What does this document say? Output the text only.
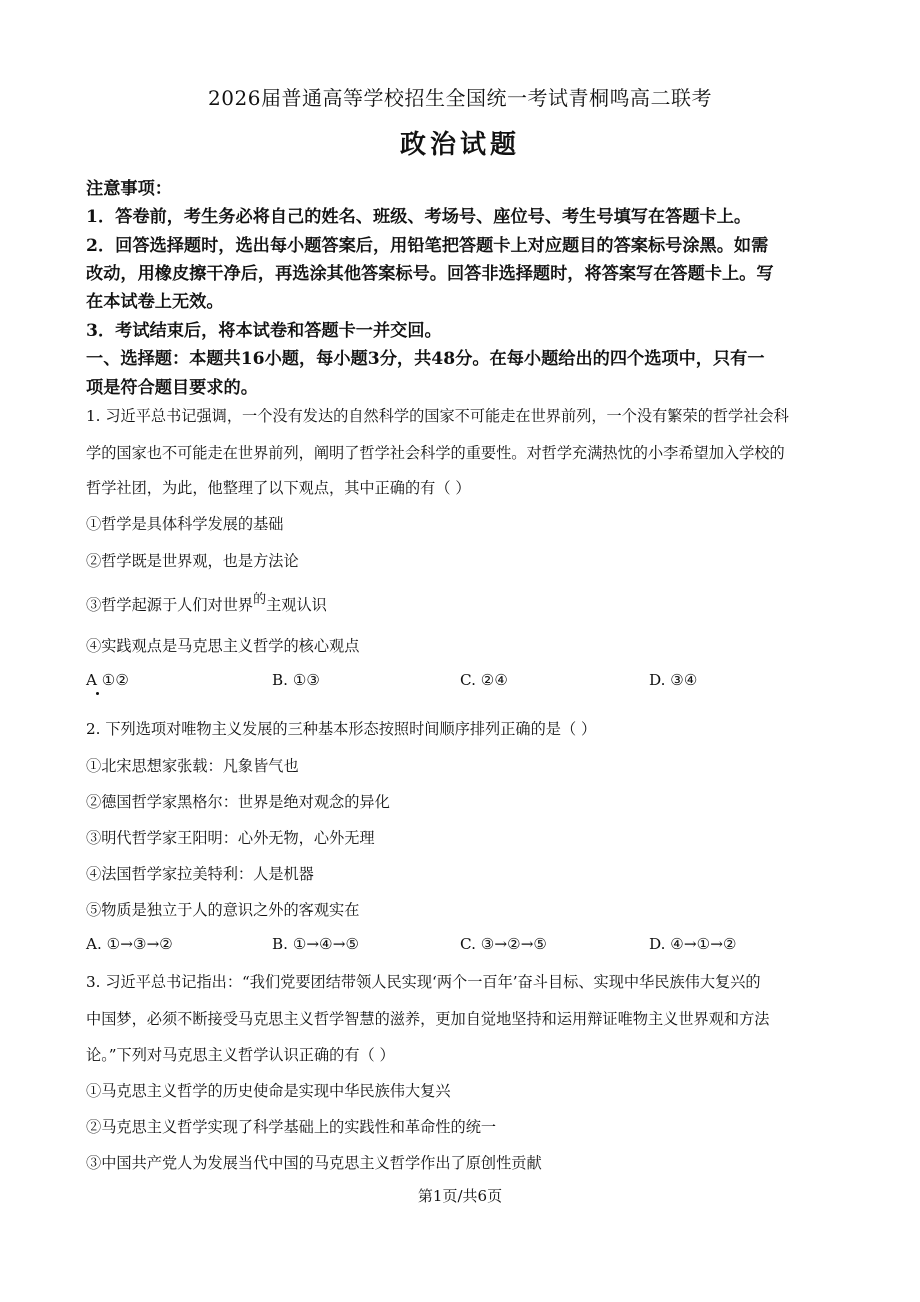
2026届普通高等学校招生全国统一考试青桐鸣高二联考
政治试题
注意事项：
1．答卷前，考生务必将自己的姓名、班级、考场号、座位号、考生号填写在答题卡上。
2．回答选择题时，选出每小题答案后，用铅笔把答题卡上对应题目的答案标号涂黑。如需
改动，用橡皮擦干净后，再选涂其他答案标号。回答非选择题时，将答案写在答题卡上。写
在本试卷上无效。
3．考试结束后，将本试卷和答题卡一并交回。
一、选择题：本题共16小题，每小题3分，共48分。在每小题给出的四个选项中，只有一
项是符合题目要求的。
1. 习近平总书记强调，一个没有发达的自然科学的国家不可能走在世界前列，一个没有繁荣的哲学社会科
学的国家也不可能走在世界前列，阐明了哲学社会科学的重要性。对哲学充满热忱的小李希望加入学校的
哲学社团，为此，他整理了以下观点，其中正确的有（ ）
①哲学是具体科学发展的基础
②哲学既是世界观，也是方法论
③哲学起源于人们对世界的主观认识
④实践观点是马克思主义哲学的核心观点
A ①②	B. ①③	C. ②④	D. ③④
2. 下列选项对唯物主义发展的三种基本形态按照时间顺序排列正确的是（ ）
①北宋思想家张载：凡象皆气也
②德国哲学家黑格尔：世界是绝对观念的异化
③明代哲学家王阳明：心外无物，心外无理
④法国哲学家拉美特利：人是机器
⑤物质是独立于人的意识之外的客观实在
A. ①→③→②	B. ①→④→⑤	C. ③→②→⑤	D. ④→①→②
3. 习近平总书记指出：“我们党要团结带领人民实现‘两个一百年’奋斗目标、实现中华民族伟大复兴的
中国梦，必须不断接受马克思主义哲学智慧的滋养，更加自觉地坚持和运用辩证唯物主义世界观和方法
论。”下列对马克思主义哲学认识正确的有（ ）
①马克思主义哲学的历史使命是实现中华民族伟大复兴
②马克思主义哲学实现了科学基础上的实践性和革命性的统一
③中国共产党人为发展当代中国的马克思主义哲学作出了原创性贡献
第1页/共6页
